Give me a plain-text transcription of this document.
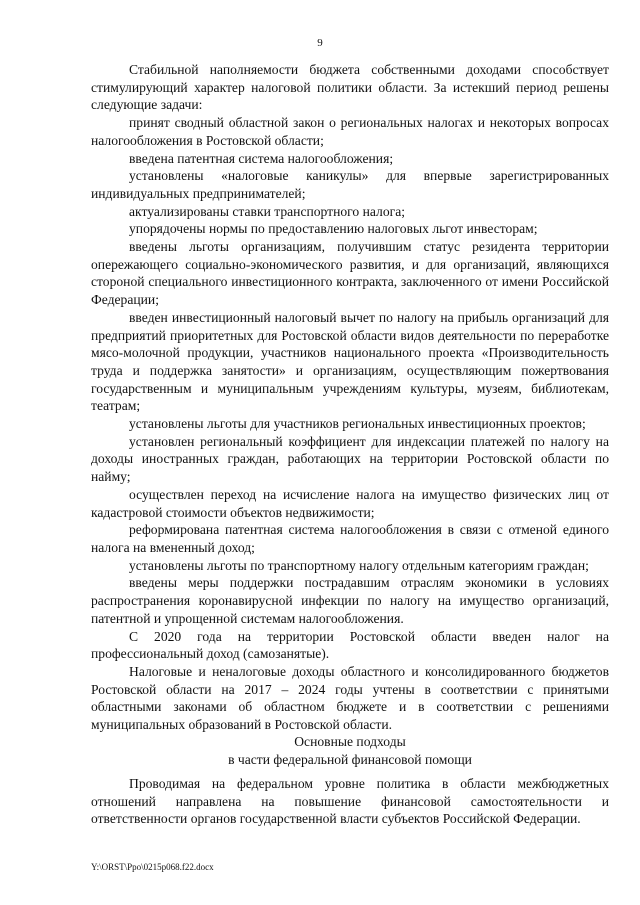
9

Стабильной наполняемости бюджета собственными доходами способствует стимулирующий характер налоговой политики области. За истекший период решены следующие задачи:

принят сводный областной закон о региональных налогах и некоторых вопросах налогообложения в Ростовской области;

введена патентная система налогообложения;

установлены «налоговые каникулы» для впервые зарегистрированных индивидуальных предпринимателей;

актуализированы ставки транспортного налога;

упорядочены нормы по предоставлению налоговых льгот инвесторам;

введены льготы организациям, получившим статус резидента территории опережающего социально-экономического развития, и для организаций, являющихся стороной специального инвестиционного контракта, заключенного от имени Российской Федерации;

введен инвестиционный налоговый вычет по налогу на прибыль организаций для предприятий приоритетных для Ростовской области видов деятельности по переработке мясо-молочной продукции, участников национального проекта «Производительность труда и поддержка занятости» и организациям, осуществляющим пожертвования государственным и муниципальным учреждениям культуры, музеям, библиотекам, театрам;

установлены льготы для участников региональных инвестиционных проектов;

установлен региональный коэффициент для индексации платежей по налогу на доходы иностранных граждан, работающих на территории Ростовской области по найму;

осуществлен переход на исчисление налога на имущество физических лиц от кадастровой стоимости объектов недвижимости;

реформирована патентная система налогообложения в связи с отменой единого налога на вмененный доход;

установлены льготы по транспортному налогу отдельным категориям граждан;

введены меры поддержки пострадавшим отраслям экономики в условиях распространения коронавирусной инфекции по налогу на имущество организаций, патентной и упрощенной системам налогообложения.

С 2020 года на территории Ростовской области введен налог на профессиональный доход (самозанятые).

Налоговые и неналоговые доходы областного и консолидированного бюджетов Ростовской области на 2017 – 2024 годы учтены в соответствии с принятыми областными законами об областном бюджете и в соответствии с решениями муниципальных образований в Ростовской области.

Основные подходы
в части федеральной финансовой помощи

Проводимая на федеральном уровне политика в области межбюджетных отношений направлена на повышение финансовой самостоятельности и ответственности органов государственной власти субъектов Российской Федерации.

Y:\ORST\Ppo\0215p068.f22.docx
